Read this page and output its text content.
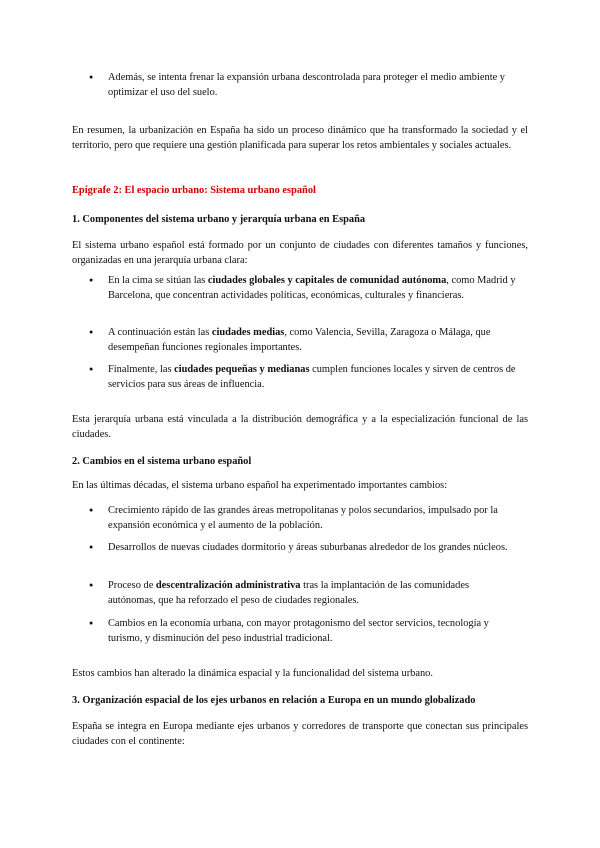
● Además, se intenta frenar la expansión urbana descontrolada para proteger el medio ambiente y optimizar el uso del suelo.

En resumen, la urbanización en España ha sido un proceso dinámico que ha transformado la sociedad y el territorio, pero que requiere una gestión planificada para superar los retos ambientales y sociales actuales.

Epígrafe 2: El espacio urbano: Sistema urbano español

1. Componentes del sistema urbano y jerarquía urbana en España

El sistema urbano español está formado por un conjunto de ciudades con diferentes tamaños y funciones, organizadas en una jerarquía urbana clara:

● En la cima se sitúan las ciudades globales y capitales de comunidad autónoma, como Madrid y Barcelona, que concentran actividades políticas, económicas, culturales y financieras.
● A continuación están las ciudades medias, como Valencia, Sevilla, Zaragoza o Málaga, que desempeñan funciones regionales importantes.
● Finalmente, las ciudades pequeñas y medianas cumplen funciones locales y sirven de centros de servicios para sus áreas de influencia.

Esta jerarquía urbana está vinculada a la distribución demográfica y a la especialización funcional de las ciudades.

2. Cambios en el sistema urbano español

En las últimas décadas, el sistema urbano español ha experimentado importantes cambios:

● Crecimiento rápido de las grandes áreas metropolitanas y polos secundarios, impulsado por la expansión económica y el aumento de la población.
● Desarrollos de nuevas ciudades dormitorio y áreas suburbanas alrededor de los grandes núcleos.
● Proceso de descentralización administrativa tras la implantación de las comunidades autónomas, que ha reforzado el peso de ciudades regionales.
● Cambios en la economía urbana, con mayor protagonismo del sector servicios, tecnología y turismo, y disminución del peso industrial tradicional.

Estos cambios han alterado la dinámica espacial y la funcionalidad del sistema urbano.

3. Organización espacial de los ejes urbanos en relación a Europa en un mundo globalizado

España se integra en Europa mediante ejes urbanos y corredores de transporte que conectan sus principales ciudades con el continente:
